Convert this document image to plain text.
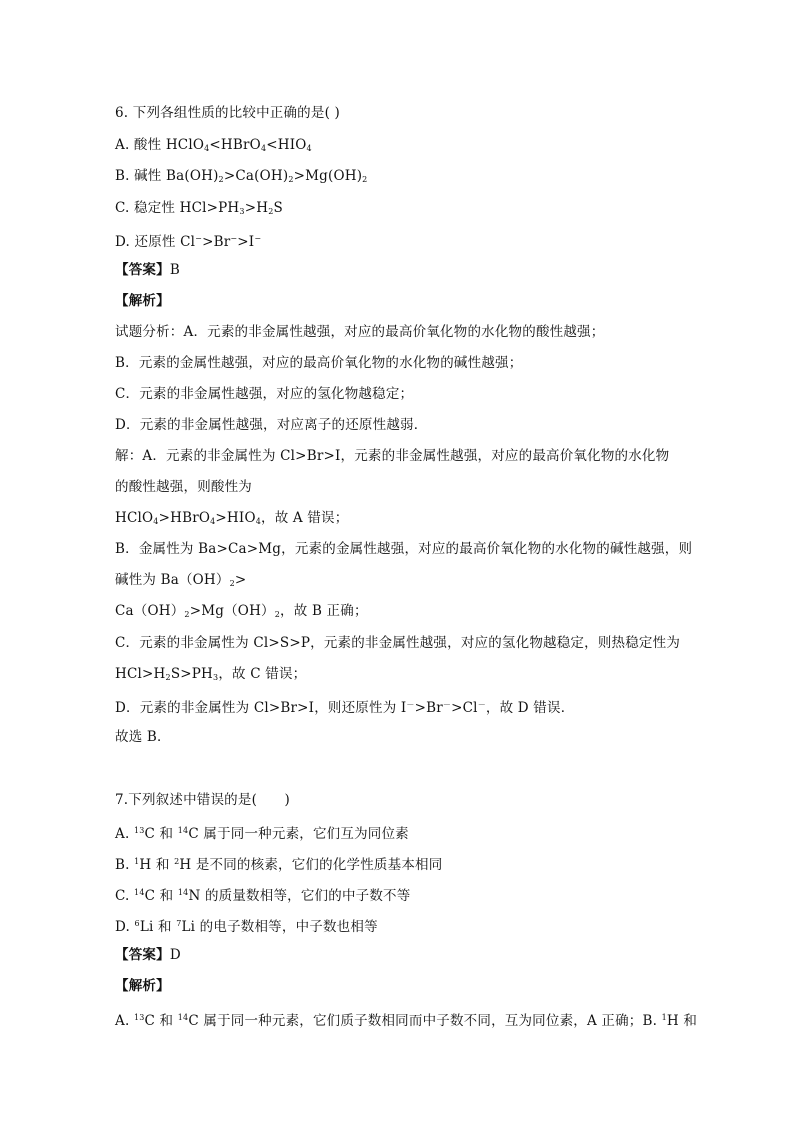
6. 下列各组性质的比较中正确的是( )
A. 酸性 $HClO_4<HBrO_4<HIO_4$
B. 碱性 $Ba(OH)_2>Ca(OH)_2>Mg(OH)_2$
C. 稳定性 $HCl>PH_3>H_2S$
D. 还原性 Cl−>Br−>I−
【答案】B
【解析】
试题分析：A．元素的非金属性越强，对应的最高价氧化物的水化物的酸性越强；
B．元素的金属性越强，对应的最高价氧化物的水化物的碱性越强；
C．元素的非金属性越强，对应的氢化物越稳定；
D．元素的非金属性越强，对应离子的还原性越弱．
解：A．元素的非金属性为 Cl>Br>I，元素的非金属性越强，对应的最高价氧化物的水化物
的酸性越强，则酸性为
$HClO_4>HBrO_4>HIO_4$，故 A 错误；
B．金属性为 Ba>Ca>Mg，元素的金属性越强，对应的最高价氧化物的水化物的碱性越强，则
碱性为 $Ba(OH)_2>$
$Ca(OH)_2>Mg(OH)_2$，故 B 正确；
C．元素的非金属性为 Cl>S>P，元素的非金属性越强，对应的氢化物越稳定，则热稳定性为
$HCl>H_2S>PH_3$，故 C 错误；
D．元素的非金属性为 Cl>Br>I，则还原性为 I－>Br－>Cl－，故 D 错误．
故选 B．
7.下列叙述中错误的是(　　)
A. $^{13}$C 和 $^{14}$C 属于同一种元素，它们互为同位素
B. $^1$H 和 $^2$H 是不同的核素，它们的化学性质基本相同
C. $^{14}$C 和 $^{14}$N 的质量数相等，它们的中子数不等
D. $^6$Li 和 $^7$Li 的电子数相等，中子数也相等
【答案】D
【解析】
A. $^{13}$C 和 $^{14}$C 属于同一种元素，它们质子数相同而中子数不同，互为同位素，A 正确；B. $^1$H 和
